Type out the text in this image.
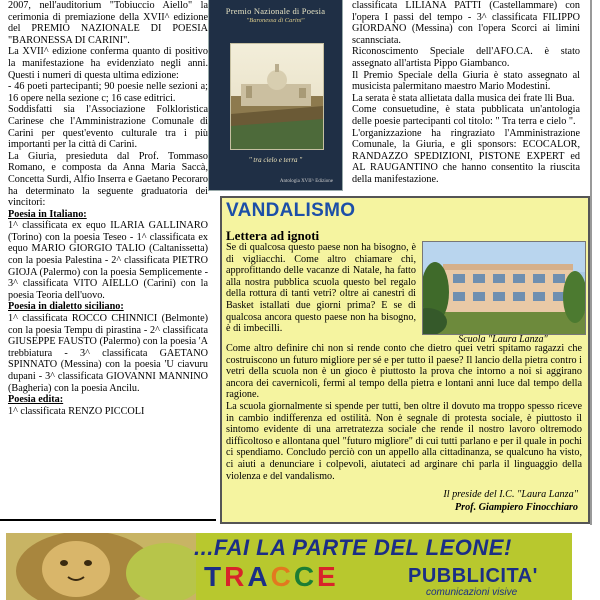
2007, nell'auditorium "Tobiuccio Aiello" la cerimonia di premiazione della XVII^ edizione del PREMIO NAZIONALE DI POESIA "BARONESSA DI CARINI".

La XVII^ edizione conferma quanto di positivo la manifestazione ha evidenziato negli anni. Questi i numeri di questa ultima edizione:

- 46 poeti partecipanti; 90 poesie nelle sezioni a; 16 opere nella sezione c; 16 case editrici.

Soddisfatti sia l'Associazione Folkloristica Carinese che l'Amministrazione Comunale di Carini per quest'evento culturale tra i più importanti per la città di Carini.

La Giuria, presieduta dal Prof. Tommaso Romano, e composta da Anna Maria Saccà, Concetta Surdi, Alfio Inserra e Gaetano Pecoraro ha determinato la seguente graduatoria dei vincitori:

Poesia in Italiano:

1^ classificata ex equo ILARIA GALLINARO (Torino) con la poesia Teseo - 1^ classificata ex equo MARIO GIORGIO TALIO (Caltanissetta) con la poesia Palestina - 2^ classificata PIETRO GIOJA (Palermo) con la poesia Semplicemente - 3^ classificata VITO AIELLO (Carini) con la poesia Teoria dell'uovo.

Poesia in dialetto siciliano:

1^ classificata ROCCO CHINNICI (Belmonte) con la poesia Tempu di pirastina - 2^ classificata GIUSEPPE FAUSTO (Palermo) con la poesia 'A trebbiatura - 3^ classificata GAETANO SPINNATO (Messina) con la poesia 'U ciavuru dupani - 3^ classificata GIOVANNI MANNINO (Bagheria) con la poesia Ancilu.

Poesia edita:

1^ classificata RENZO PICCOLI

Premio Nazionale di Poesia
"Baronessa di Carini"
" tra cielo e terra "
Antologia XVII^ Edizione

classificata LILIANA PATTI (Castellammare) con l'opera I passi del tempo - 3^ classificata FILIPPO GIORDANO (Messina) con l'opera Scorci ai limini scannsciata.

Riconoscimento Speciale dell'AFO.CA. è stato assegnato all'artista Pippo Giambanco.

Il Premio Speciale della Giuria è stato assegnato al musicista palermitano maestro Mario Modestini.

La serata è stata allietata dalla musica dei frate lli Bua.

Come consuetudine, è stata pubblicata un'antologia delle poesie partecipanti col titolo: " Tra terra e cielo ".

L'organizzazione ha ringraziato l'Amministrazione Comunale, la Giuria, e gli sponsors: ECOCALOR, RANDAZZO SPEDIZIONI, PISTONE EXPERT ed AL RAUGANTINO che hanno consentito la riuscita della manifestazione.

VANDALISMO
Lettera ad ignoti
Se di qualcosa questo paese non ha bisogno, è di vigliacchi. Come altro chiamare chi, approfittando delle vacanze di Natale, ha fatto alla nostra pubblica scuola questo bel regalo della rottura di tanti vetri? oltre ai canestri di Basket istallati due giorni prima? E se di qualcosa ancora questo paese non ha bisogno, è di imbecilli.
Scuola "Laura Lanza"

Come altro definire chi non si rende conto che dietro quei vetri spitamo ragazzi che costruiscono un futuro migliore per sé e per tutto il paese? Il lancio della pietra contro i vetri della scuola non è un gioco è piuttosto la prova che intorno a noi si aggirano ancora dei cavernicoli, fermi al tempo della pietra e lontani anni luce dal tempo della ragione.

La scuola giornalmente si spende per tutti, ben oltre il dovuto ma troppo spesso riceve in cambio indifferenza ed ostilità. Non è segnale di protesta sociale, è piuttosto il sintomo evidente di una arretratezza sociale che rende il nostro lavoro oltremodo difficoltoso e allontana quel "futuro migliore" di cui tutti parlano e per il quale in pochi ci spendiamo. Concludo perciò con un appello alla cittadinanza, se qualcuno ha visto, ci aiuti a denunciare i colpevoli, aiutateci ad arginare chi parla il linguaggio della violenza e del vandalismo.

Il preside del I.C. "Laura Lanza"
Prof. Giampiero Finocchiaro
...FAI LA PARTE DEL LEONE!
TRACCE	PUBBLICITA'
comunicazioni visive
